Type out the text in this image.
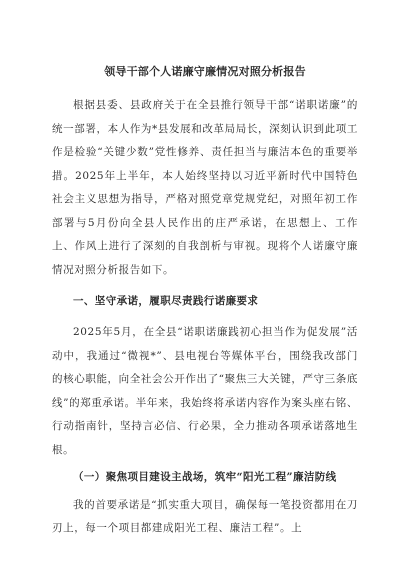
领导干部个人诺廉守廉情况对照分析报告

根据县委、县政府关于在全县推行领导干部“诺职诺廉”的统一部署，本人作为*县发展和改革局局长，深刻认识到此项工作是检验“关键少数”党性修养、责任担当与廉洁本色的重要举措。2025年上半年，本人始终坚持以习近平新时代中国特色社会主义思想为指导，严格对照党章党规党纪，对照年初工作部署与5月份向全县人民作出的庄严承诺，在思想上、工作上、作风上进行了深刻的自我剖析与审视。现将个人诺廉守廉情况对照分析报告如下。

一、坚守承诺，履职尽责践行诺廉要求

2025年5月，在全县“诺职诺廉践初心担当作为促发展”活动中，我通过“微视*”、县电视台等媒体平台，围绕我改部门的核心职能，向全社会公开作出了“聚焦三大关键，严守三条底线”的郑重承诺。半年来，我始终将承诺内容作为案头座右铭、行动指南针，坚持言必信、行必果，全力推动各项承诺落地生根。

（一）聚焦项目建设主战场，筑牢“阳光工程”廉洁防线

我的首要承诺是“抓实重大项目，确保每一笔投资都用在刀刃上，每一个项目都建成阳光工程、廉洁工程”。上
